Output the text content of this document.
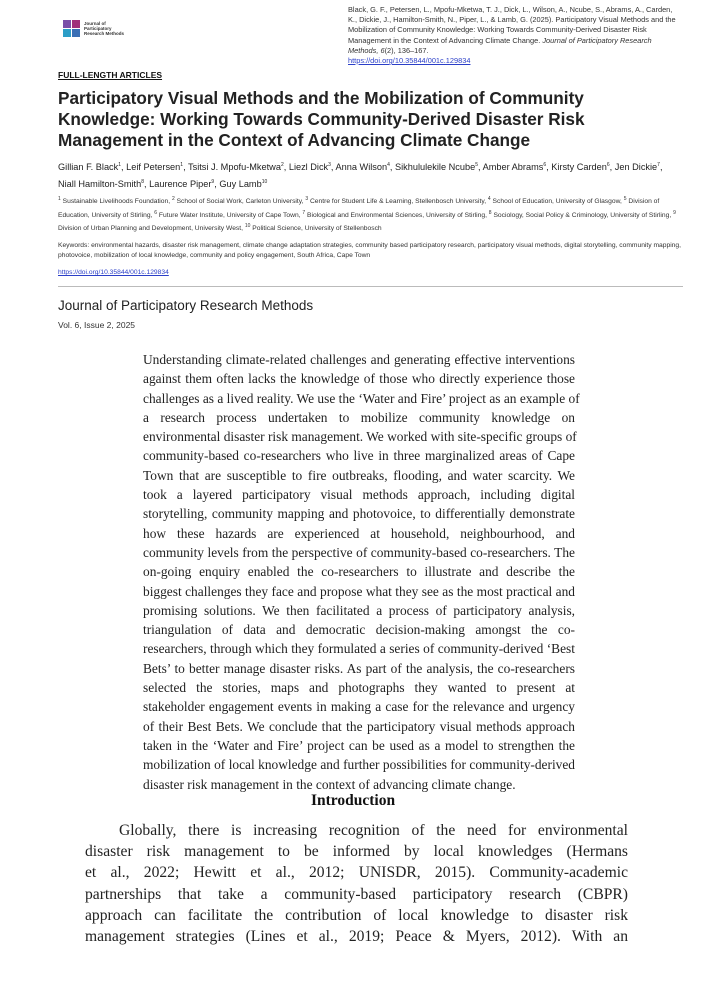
Journal of
Participatory
Research Methods
Black, G. F., Petersen, L., Mpofu-Mketwa, T. J., Dick, L., Wilson, A., Ncube, S., Abrams, A., Carden, K., Dickie, J., Hamilton-Smith, N., Piper, L., & Lamb, G. (2025). Participatory Visual Methods and the Mobilization of Community Knowledge: Working Towards Community-Derived Disaster Risk Management in the Context of Advancing Climate Change. Journal of Participatory Research Methods, 6(2), 136–167.
https://doi.org/10.35844/001c.129834
FULL-LENGTH ARTICLES
Participatory Visual Methods and the Mobilization of Community Knowledge: Working Towards Community-Derived Disaster Risk Management in the Context of Advancing Climate Change
Gillian F. Black$^1$, Leif Petersen$^1$, Tsitsi J. Mpofu-Mketwa$^2$, Liezl Dick$^3$, Anna Wilson$^4$, Sikhululekile Ncube$^5$, Amber Abrams$^6$, Kirsty Carden$^6$, Jen Dickie$^7$, Niall Hamilton-Smith$^8$, Laurence Piper$^9$, Guy Lamb$^{10}$
$^1$ Sustainable Livelihoods Foundation, $^2$ School of Social Work, Carleton University, $^3$ Centre for Student Life & Learning, Stellenbosch University, $^4$ School of Education, University of Glasgow, $^5$ Division of Education, University of Stirling, $^6$ Future Water Institute, University of Cape Town, $^7$ Biological and Environmental Sciences, University of Stirling, $^8$ Sociology, Social Policy & Criminology, University of Stirling, $^9$ Division of Urban Planning and Development, University West, $^{10}$ Political Science, University of Stellenbosch
Keywords: environmental hazards, disaster risk management, climate change adaptation strategies, community based participatory research, participatory visual methods, digital storytelling, community mapping, photovoice, mobilization of local knowledge, community and policy engagement, South Africa, Cape Town
https://doi.org/10.35844/001c.129834
Journal of Participatory Research Methods
Vol. 6, Issue 2, 2025
Understanding climate-related challenges and generating effective interventions
against them often lacks the knowledge of those who directly experience those
challenges as a lived reality. We use the ‘Water and Fire’ project as an example of
a research process undertaken to mobilize community knowledge on
environmental disaster risk management. We worked with site-specific groups of
community-based co-researchers who live in three marginalized areas of Cape
Town that are susceptible to fire outbreaks, flooding, and water scarcity. We
took a layered participatory visual methods approach, including digital
storytelling, community mapping and photovoice, to differentially demonstrate
how these hazards are experienced at household, neighbourhood, and
community levels from the perspective of community-based co-researchers. The
on-going enquiry enabled the co-researchers to illustrate and describe the
biggest challenges they face and propose what they see as the most practical and
promising solutions. We then facilitated a process of participatory analysis,
triangulation of data and democratic decision-making amongst the co-
researchers, through which they formulated a series of community-derived ‘Best
Bets’ to better manage disaster risks. As part of the analysis, the co-researchers
selected the stories, maps and photographs they wanted to present at
stakeholder engagement events in making a case for the relevance and urgency
of their Best Bets. We conclude that the participatory visual methods approach
taken in the ‘Water and Fire’ project can be used as a model to strengthen the
mobilization of local knowledge and further possibilities for community-derived
disaster risk management in the context of advancing climate change.
Introduction
Globally, there is increasing recognition of the need for environmental
disaster risk management to be informed by local knowledges (Hermans
et al., 2022; Hewitt et al., 2012; UNISDR, 2015). Community-academic
partnerships that take a community-based participatory research (CBPR)
approach can facilitate the contribution of local knowledge to disaster risk
management strategies (Lines et al., 2019; Peace & Myers, 2012). With an
